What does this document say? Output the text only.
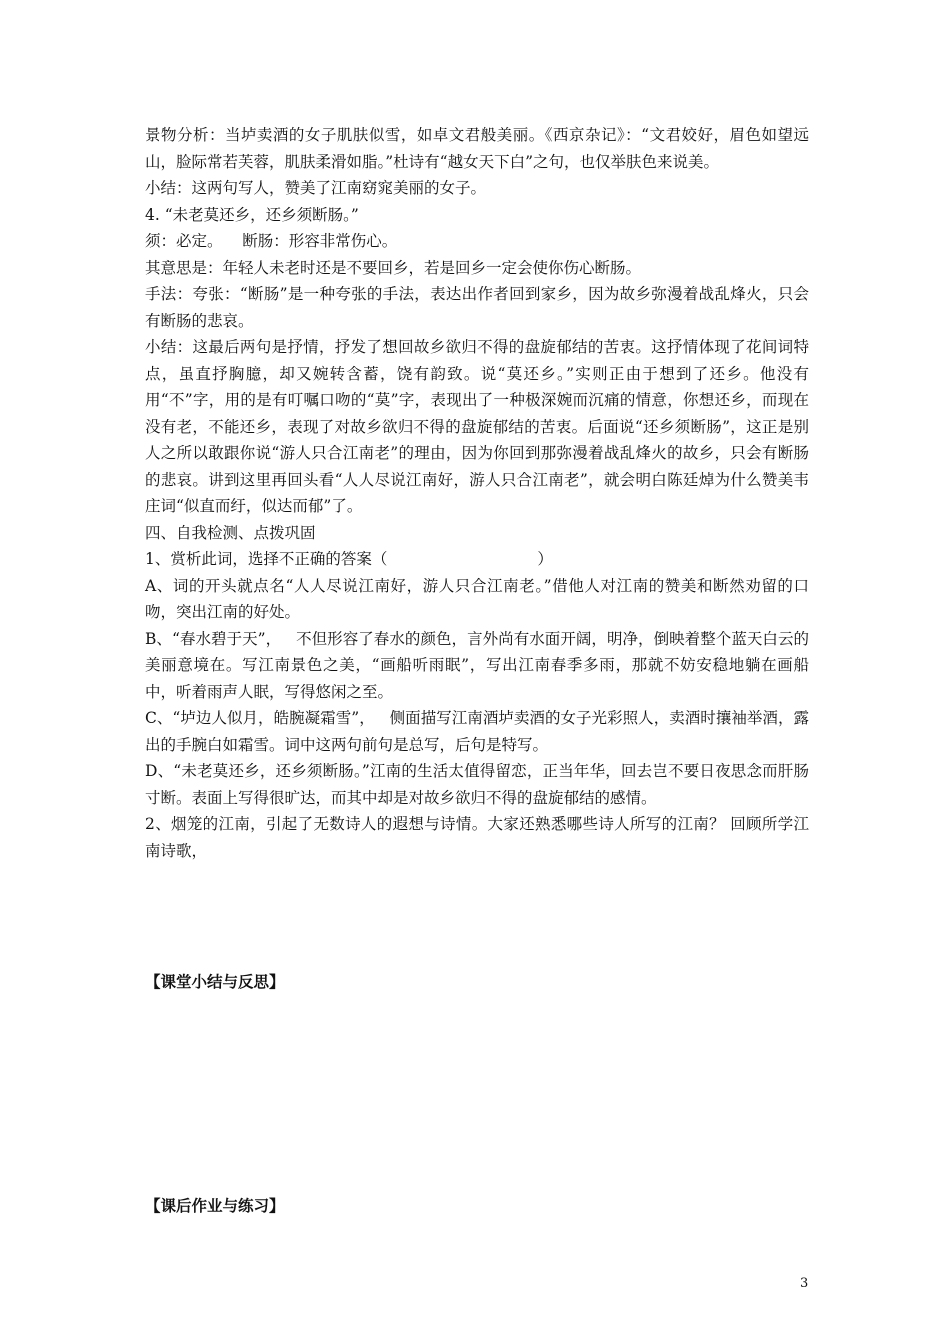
景物分析：当垆卖酒的女子肌肤似雪，如卓文君般美丽。《西京杂记》：“文君姣好，眉色如望远山，脸际常若芙蓉，肌肤柔滑如脂。”杜诗有“越女天下白”之句，也仅举肤色来说美。

小结：这两句写人，赞美了江南窈窕美丽的女子。

4. “未老莫还乡，还乡须断肠。”

须：必定。    断肠：形容非常伤心。

其意思是：年轻人未老时还是不要回乡，若是回乡一定会使你伤心断肠。

手法：夸张：“断肠”是一种夸张的手法，表达出作者回到家乡，因为故乡弥漫着战乱烽火，只会有断肠的悲哀。

小结：这最后两句是抒情，抒发了想回故乡欲归不得的盘旋郁结的苦衷。这抒情体现了花间词特点，虽直抒胸臆，却又婉转含蓄，饶有韵致。说“莫还乡。”实则正由于想到了还乡。他没有用“不”字，用的是有叮嘱口吻的“莫”字，表现出了一种极深婉而沉痛的情意，你想还乡，而现在没有老，不能还乡，表现了对故乡欲归不得的盘旋郁结的苦衷。后面说“还乡须断肠”，这正是别人之所以敢跟你说“游人只合江南老”的理由，因为你回到那弥漫着战乱烽火的故乡，只会有断肠的悲哀。讲到这里再回头看“人人尽说江南好，游人只合江南老”，就会明白陈廷焯为什么赞美韦庄词“似直而纡，似达而郁”了。

四、自我检测、点拨巩固

1、赏析此词，选择不正确的答案（	）

A、词的开头就点名“人人尽说江南好，游人只合江南老。”借他人对江南的赞美和断然劝留的口吻，突出江南的好处。

B、“春水碧于天”，   不但形容了春水的颜色，言外尚有水面开阔，明净，倒映着整个蓝天白云的美丽意境在。写江南景色之美，“画船听雨眠”，写出江南春季多雨，那就不妨安稳地躺在画船中，听着雨声人眠，写得悠闲之至。

C、“垆边人似月，皓腕凝霜雪”，   侧面描写江南酒垆卖酒的女子光彩照人，卖酒时攘袖举酒，露出的手腕白如霜雪。词中这两句前句是总写，后句是特写。

D、“未老莫还乡，还乡须断肠。”江南的生活太值得留恋，正当年华，回去岂不要日夜思念而肝肠寸断。表面上写得很旷达，而其中却是对故乡欲归不得的盘旋郁结的感情。

2、烟笼的江南，引起了无数诗人的遐想与诗情。大家还熟悉哪些诗人所写的江南？ 回顾所学江南诗歌，

【课堂小结与反思】

【课后作业与练习】

3
